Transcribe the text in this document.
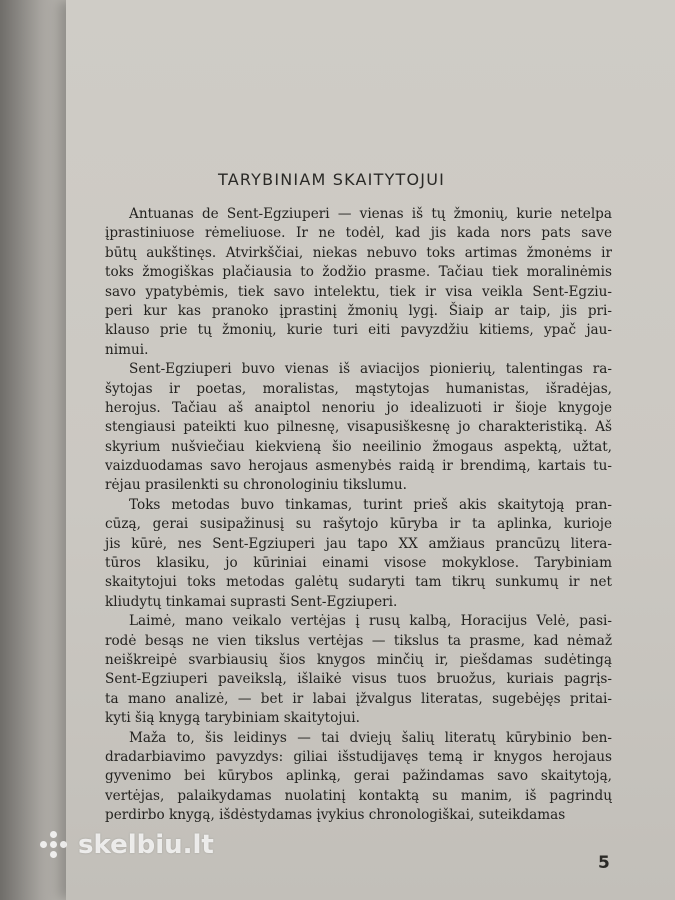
TARYBINIAM SKAITYTOJUI
Antuanas de Sent-Egziuperi — vienas iš tų žmonių, kurie netelpa
įprastiniuose rėmeliuose. Ir ne todėl, kad jis kada nors pats save
būtų aukštinęs. Atvirkščiai, niekas nebuvo toks artimas žmonėms ir
toks žmogiškas plačiausia to žodžio prasme. Tačiau tiek moralinėmis
savo ypatybėmis, tiek savo intelektu, tiek ir visa veikla Sent-Egziu-
peri kur kas pranoko įprastinį žmonių lygį. Šiaip ar taip, jis pri-
klauso prie tų žmonių, kurie turi eiti pavyzdžiu kitiems, ypač jau-
nimui.
Sent-Egziuperi buvo vienas iš aviacijos pionierių, talentingas ra-
šytojas ir poetas, moralistas, mąstytojas humanistas, išradėjas,
herojus. Tačiau aš anaiptol nenoriu jo idealizuoti ir šioje knygoje
stengiausi pateikti kuo pilnesnę, visapusiškesnę jo charakteristiką. Aš
skyrium nušviečiau kiekvieną šio neeilinio žmogaus aspektą, užtat,
vaizduodamas savo herojaus asmenybės raidą ir brendimą, kartais tu-
rėjau prasilenkti su chronologiniu tikslumu.
Toks metodas buvo tinkamas, turint prieš akis skaitytoją pran-
cūzą, gerai susipažinusį su rašytojo kūryba ir ta aplinka, kurioje
jis kūrė, nes Sent-Egziuperi jau tapo XX amžiaus prancūzų litera-
tūros klasiku, jo kūriniai einami visose mokyklose. Tarybiniam
skaitytojui toks metodas galėtų sudaryti tam tikrų sunkumų ir net
kliudytų tinkamai suprasti Sent-Egziuperi.
Laimė, mano veikalo vertėjas į rusų kalbą, Horacijus Velė, pasi-
rodė besąs ne vien tikslus vertėjas — tikslus ta prasme, kad nėmaž
neiškreipė svarbiausių šios knygos minčių ir, piešdamas sudėtingą
Sent-Egziuperi paveikslą, išlaikė visus tuos bruožus, kuriais pagrįs-
ta mano analizė, — bet ir labai įžvalgus literatas, sugebėjęs pritai-
kyti šią knygą tarybiniam skaitytojui.
Maža to, šis leidinys — tai dviejų šalių literatų kūrybinio ben-
dradarbiavimo pavyzdys: giliai išstudijavęs temą ir knygos herojaus
gyvenimo bei kūrybos aplinką, gerai pažindamas savo skaitytoją,
vertėjas, palaikydamas nuolatinį kontaktą su manim, iš pagrindų
perdirbo knygą, išdėstydamas įvykius chronologiškai, suteikdamas
5
skelbiu.lt
